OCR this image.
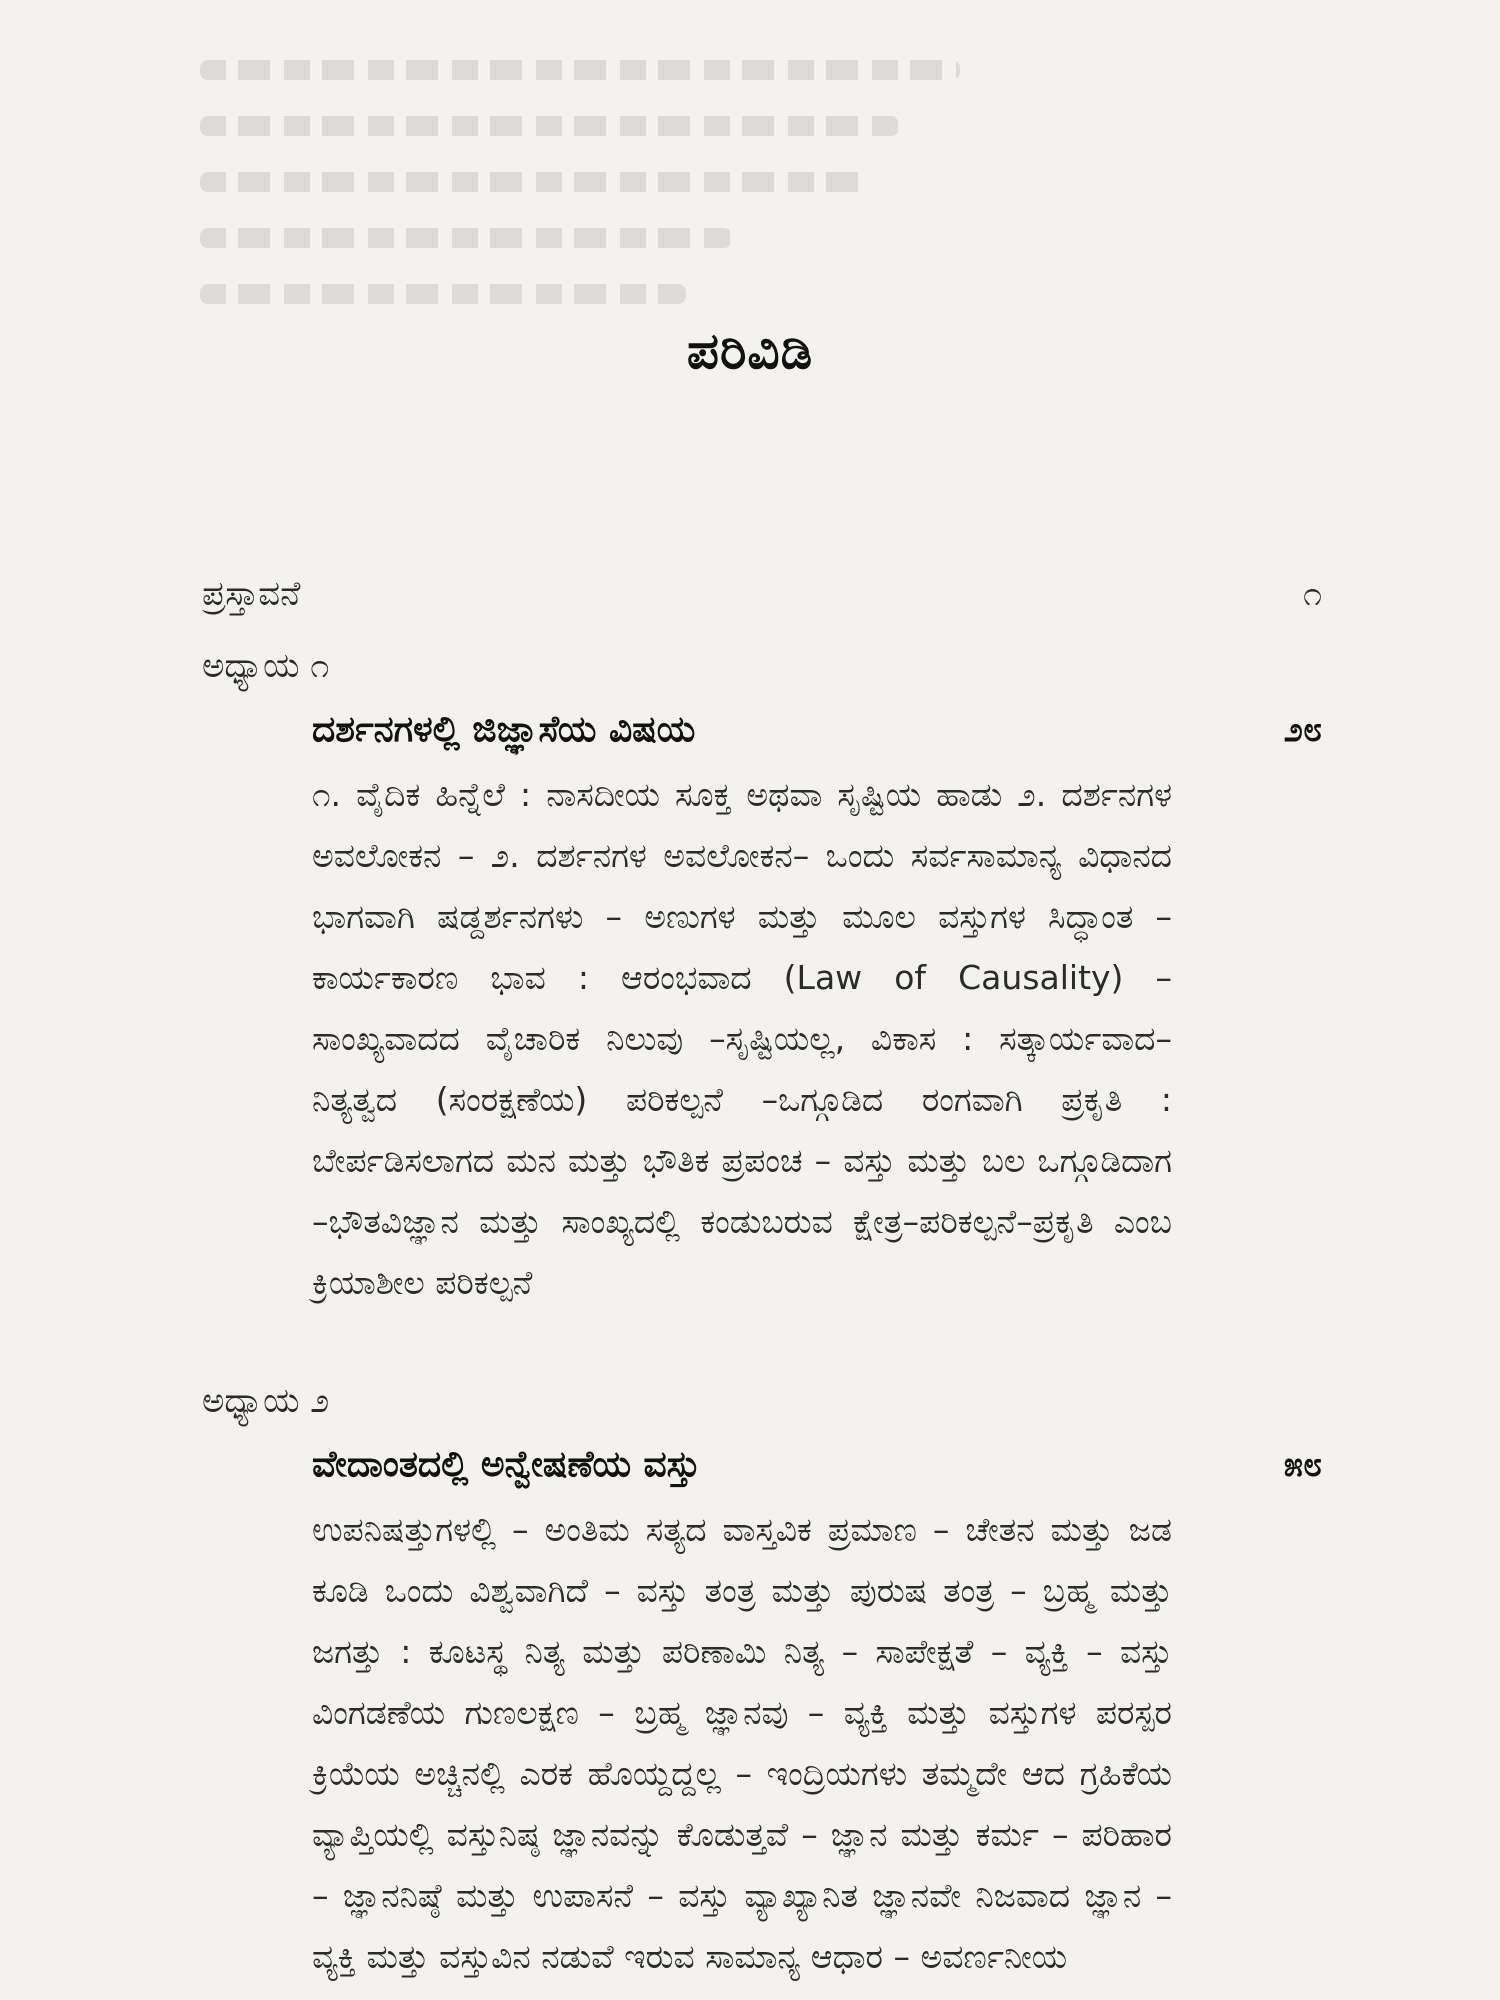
ಪರಿವಿಡಿ
ಪ್ರಸ್ತಾವನೆ	೧
ಅಧ್ಯಾಯ ೧
ದರ್ಶನಗಳಲ್ಲಿ ಜಿಜ್ಞಾಸೆಯ ವಿಷಯ	೨೮
೧. ವೈದಿಕ ಹಿನ್ನೆಲೆ : ನಾಸದೀಯ ಸೂಕ್ತ ಅಥವಾ ಸೃಷ್ಟಿಯ ಹಾಡು ೨. ದರ್ಶನಗಳ ಅವಲೋಕನ – ೨. ದರ್ಶನಗಳ ಅವಲೋಕನ– ಒಂದು ಸರ್ವಸಾಮಾನ್ಯ ವಿಧಾನದ ಭಾಗವಾಗಿ ಷಡ್ದರ್ಶನಗಳು – ಅಣುಗಳ ಮತ್ತು ಮೂಲ ವಸ್ತುಗಳ ಸಿದ್ಧಾಂತ – ಕಾರ್ಯಕಾರಣ ಭಾವ : ಆರಂಭವಾದ (Law of Causality) – ಸಾಂಖ್ಯವಾದದ ವೈಚಾರಿಕ ನಿಲುವು –ಸೃಷ್ಟಿಯಲ್ಲ, ವಿಕಾಸ : ಸತ್ಕಾರ್ಯವಾದ– ನಿತ್ಯತ್ವದ (ಸಂರಕ್ಷಣೆಯ) ಪರಿಕಲ್ಪನೆ –ಒಗ್ಗೂಡಿದ ರಂಗವಾಗಿ ಪ್ರಕೃತಿ : ಬೇರ್ಪಡಿಸಲಾಗದ ಮನ ಮತ್ತು ಭೌತಿಕ ಪ್ರಪಂಚ – ವಸ್ತು ಮತ್ತು ಬಲ ಒಗ್ಗೂಡಿದಾಗ –ಭೌತವಿಜ್ಞಾನ ಮತ್ತು ಸಾಂಖ್ಯದಲ್ಲಿ ಕಂಡುಬರುವ ಕ್ಷೇತ್ರ–ಪರಿಕಲ್ಪನೆ–ಪ್ರಕೃತಿ ಎಂಬ ಕ್ರಿಯಾಶೀಲ ಪರಿಕಲ್ಪನೆ
ಅಧ್ಯಾಯ ೨
ವೇದಾಂತದಲ್ಲಿ ಅನ್ವೇಷಣೆಯ ವಸ್ತು	೫೮
ಉಪನಿಷತ್ತುಗಳಲ್ಲಿ – ಅಂತಿಮ ಸತ್ಯದ ವಾಸ್ತವಿಕ ಪ್ರಮಾಣ – ಚೇತನ ಮತ್ತು ಜಡ ಕೂಡಿ ಒಂದು ವಿಶ್ವವಾಗಿದೆ – ವಸ್ತು ತಂತ್ರ ಮತ್ತು ಪುರುಷ ತಂತ್ರ – ಬ್ರಹ್ಮ ಮತ್ತು ಜಗತ್ತು : ಕೂಟಸ್ಥ ನಿತ್ಯ ಮತ್ತು ಪರಿಣಾಮಿ ನಿತ್ಯ – ಸಾಪೇಕ್ಷತೆ – ವ್ಯಕ್ತಿ – ವಸ್ತು ವಿಂಗಡಣೆಯ ಗುಣಲಕ್ಷಣ – ಬ್ರಹ್ಮ ಜ್ಞಾನವು – ವ್ಯಕ್ತಿ ಮತ್ತು ವಸ್ತುಗಳ ಪರಸ್ಪರ ಕ್ರಿಯೆಯ ಅಚ್ಚಿನಲ್ಲಿ ಎರಕ ಹೊಯ್ದದ್ದಲ್ಲ – ಇಂದ್ರಿಯಗಳು ತಮ್ಮದೇ ಆದ ಗ್ರಹಿಕೆಯ ವ್ಯಾಪ್ತಿಯಲ್ಲಿ ವಸ್ತುನಿಷ್ಠ ಜ್ಞಾನವನ್ನು ಕೊಡುತ್ತವೆ – ಜ್ಞಾನ ಮತ್ತು ಕರ್ಮ – ಪರಿಹಾರ – ಜ್ಞಾನನಿಷ್ಠೆ ಮತ್ತು ಉಪಾಸನೆ – ವಸ್ತು ವ್ಯಾಖ್ಯಾನಿತ ಜ್ಞಾನವೇ ನಿಜವಾದ ಜ್ಞಾನ – ವ್ಯಕ್ತಿ ಮತ್ತು ವಸ್ತುವಿನ ನಡುವೆ ಇರುವ ಸಾಮಾನ್ಯ ಆಧಾರ – ಅವರ್ಣನೀಯ
